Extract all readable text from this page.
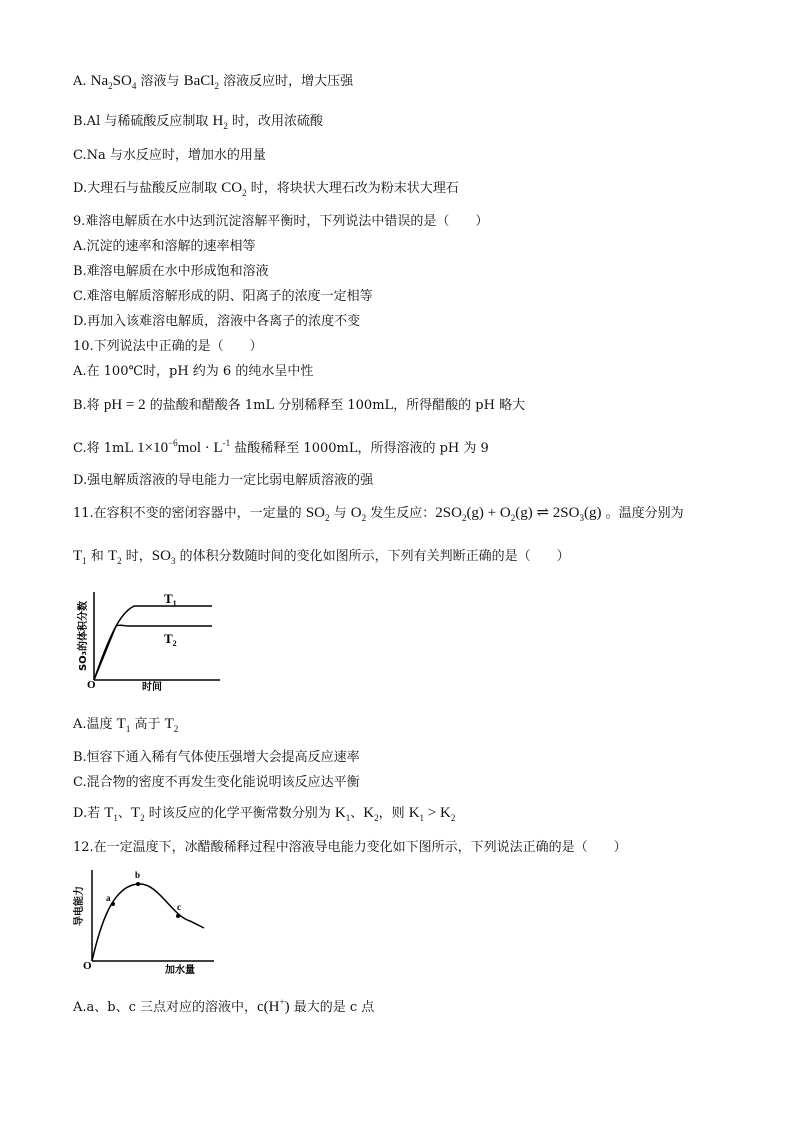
A. $Na_2SO_4$ 溶液与 BaCl$_2$ 溶液反应时，增大压强
B.Al 与稀硫酸反应制取 $H_2$ 时，改用浓硫酸
C.Na 与水反应时，增加水的用量
D.大理石与盐酸反应制取 $CO_2$ 时，将块状大理石改为粉末状大理石
9.难溶电解质在水中达到沉淀溶解平衡时，下列说法中错误的是（　　）
A.沉淀的速率和溶解的速率相等
B.难溶电解质在水中形成饱和溶液
C.难溶电解质溶解形成的阴、阳离子的浓度一定相等
D.再加入该难溶电解质，溶液中各离子的浓度不变
10.下列说法中正确的是（　　）
A.在 100℃时，pH 约为 6 的纯水呈中性
B.将 pH = 2 的盐酸和醋酸各 1mL 分别稀释至 100mL，所得醋酸的 pH 略大
C.将 1mL $1\times 10^{-6}mol \cdot L^{-1}$ 盐酸稀释至 1000mL，所得溶液的 pH 为 9
D.强电解质溶液的导电能力一定比弱电解质溶液的强
11.在容积不变的密闭容器中，一定量的 $SO_2$ 与 $O_2$ 发生反应：$2SO_2(g) + O_2(g)$ ⇌ $2SO_3(g)$ 。温度分别为
$T_1$ 和 $T_2$ 时，$SO_3$ 的体积分数随时间的变化如图所示，下列有关判断正确的是（　　）
SO₃的体积分数
时间
O
$T_1$
$T_2$
A.温度 $T_1$ 高于 $T_2$
B.恒容下通入稀有气体使压强增大会提高反应速率
C.混合物的密度不再发生变化能说明该反应达平衡
D.若 $T_1$、$T_2$ 时该反应的化学平衡常数分别为 $K_1$、$K_2$，则 $K_1 > K_2$
12.在一定温度下，冰醋酸稀释过程中溶液导电能力变化如下图所示，下列说法正确的是（　　）
导电能力
加水量
O
a
b
c
A.a、b、c 三点对应的溶液中，c(H+) 最大的是 c 点
